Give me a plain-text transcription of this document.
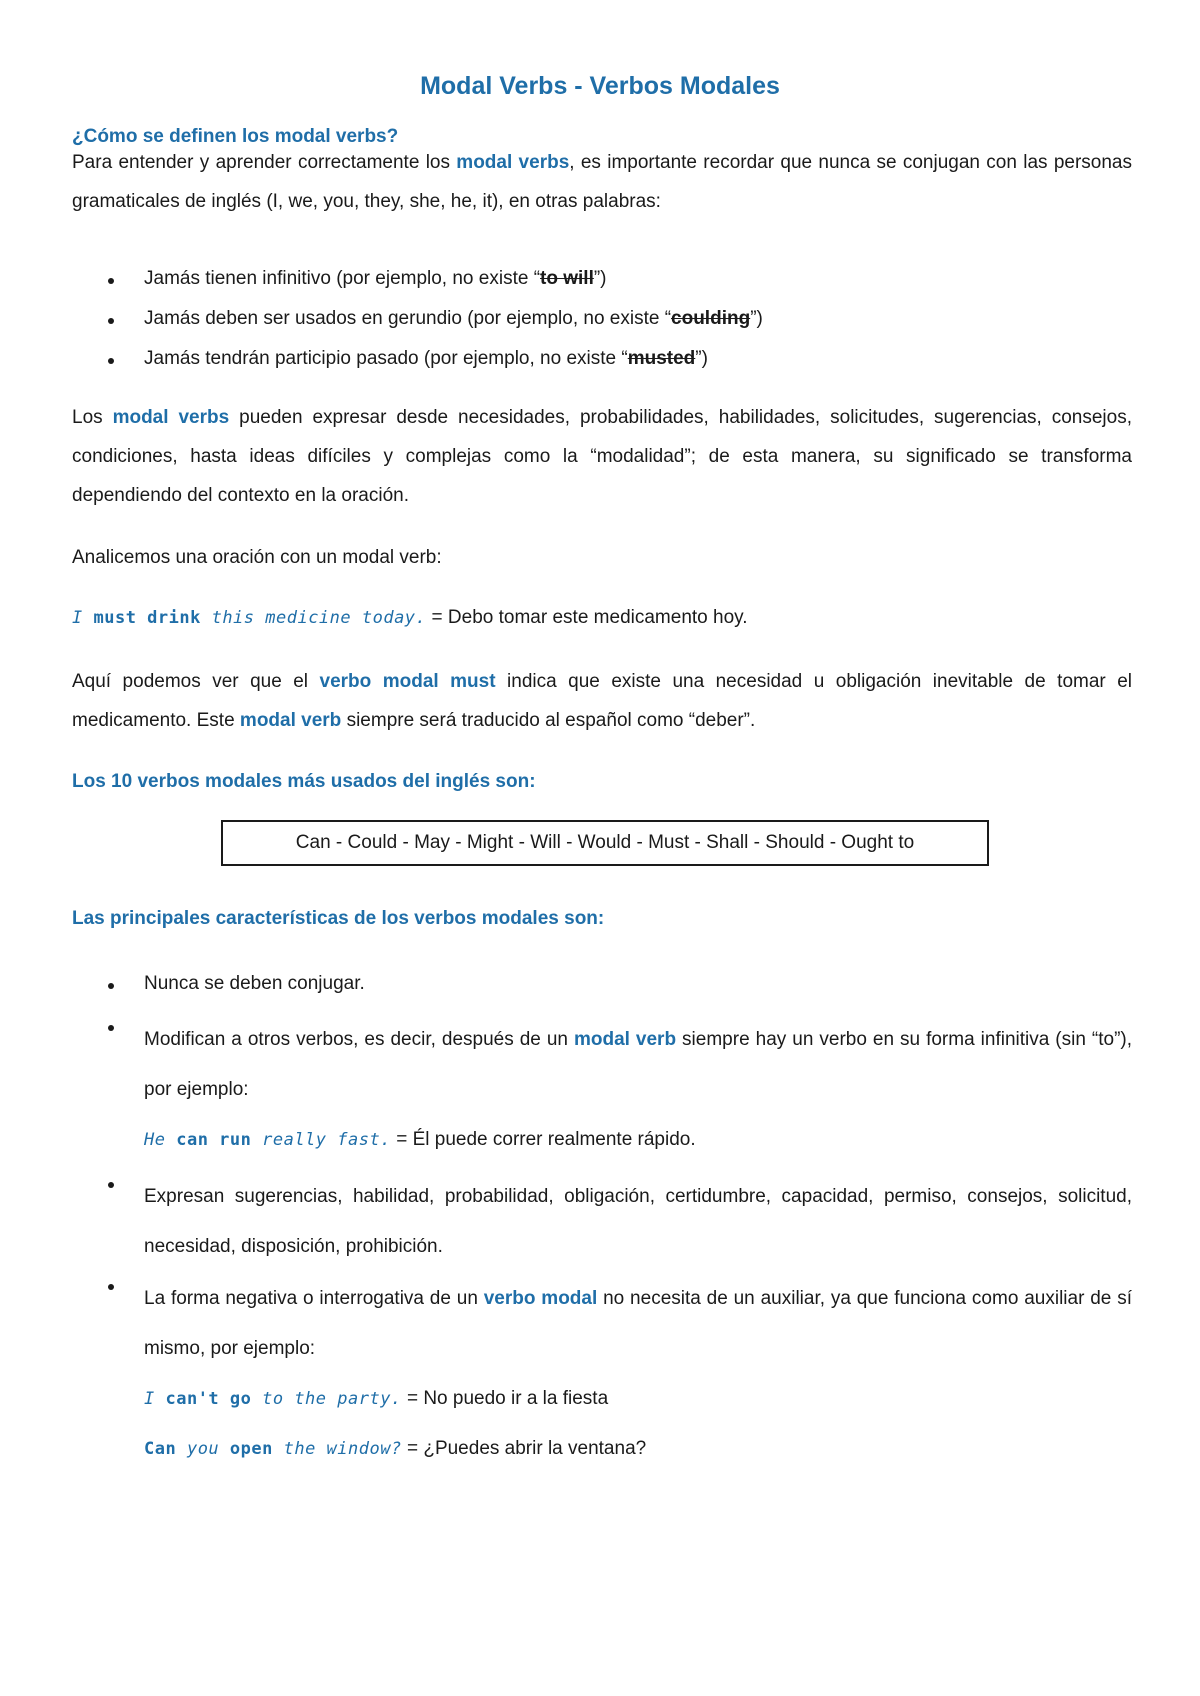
Modal Verbs - Verbos Modales
¿Cómo se definen los modal verbs?
Para entender y aprender correctamente los modal verbs, es importante recordar que nunca se conjugan con las personas gramaticales de inglés (I, we, you, they, she, he, it), en otras palabras:
Jamás tienen infinitivo (por ejemplo, no existe “to will”)
Jamás deben ser usados en gerundio (por ejemplo, no existe “coulding”)
Jamás tendrán participio pasado (por ejemplo, no existe “musted”)
Los modal verbs pueden expresar desde necesidades, probabilidades, habilidades, solicitudes, sugerencias, consejos, condiciones, hasta ideas difíciles y complejas como la “modalidad”; de esta manera, su significado se transforma dependiendo del contexto en la oración.
Analicemos una oración con un modal verb:
I must drink this medicine today. = Debo tomar este medicamento hoy.
Aquí podemos ver que el verbo modal must indica que existe una necesidad u obligación inevitable de tomar el medicamento. Este modal verb siempre será traducido al español como “deber”.
Los 10 verbos modales más usados del inglés son:
Can - Could - May - Might - Will - Would - Must - Shall - Should - Ought to
Las principales características de los verbos modales son:
Nunca se deben conjugar.
Modifican a otros verbos, es decir, después de un modal verb siempre hay un verbo en su forma infinitiva (sin “to”), por ejemplo:
He can run really fast. = Él puede correr realmente rápido.
Expresan sugerencias, habilidad, probabilidad, obligación, certidumbre, capacidad, permiso, consejos, solicitud, necesidad, disposición, prohibición.
La forma negativa o interrogativa de un verbo modal no necesita de un auxiliar, ya que funciona como auxiliar de sí mismo, por ejemplo:
I can't go to the party. = No puedo ir a la fiesta
Can you open the window? = ¿Puedes abrir la ventana?
